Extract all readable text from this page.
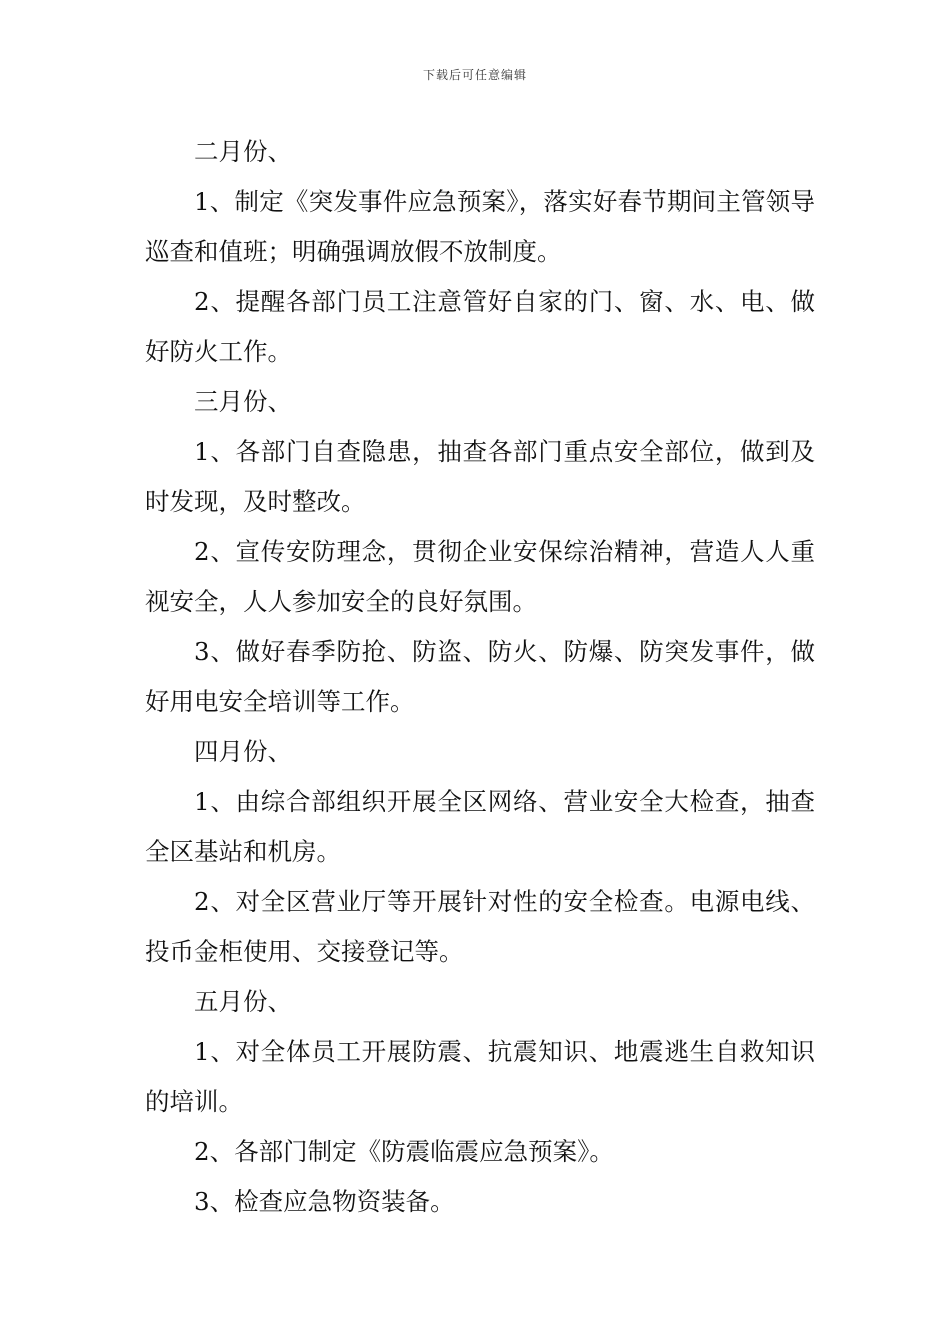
下载后可任意编辑

二月份、

1、制定《突发事件应急预案》，落实好春节期间主管领导巡查和值班；明确强调放假不放制度。

2、提醒各部门员工注意管好自家的门、窗、水、电、做好防火工作。

三月份、

1、各部门自查隐患，抽查各部门重点安全部位，做到及时发现，及时整改。

2、宣传安防理念，贯彻企业安保综治精神，营造人人重视安全，人人参加安全的良好氛围。

3、做好春季防抢、防盗、防火、防爆、防突发事件，做好用电安全培训等工作。

四月份、

1、由综合部组织开展全区网络、营业安全大检查，抽查全区基站和机房。

2、对全区营业厅等开展针对性的安全检查。电源电线、投币金柜使用、交接登记等。

五月份、

1、对全体员工开展防震、抗震知识、地震逃生自救知识的培训。

2、各部门制定《防震临震应急预案》。

3、检查应急物资装备。
